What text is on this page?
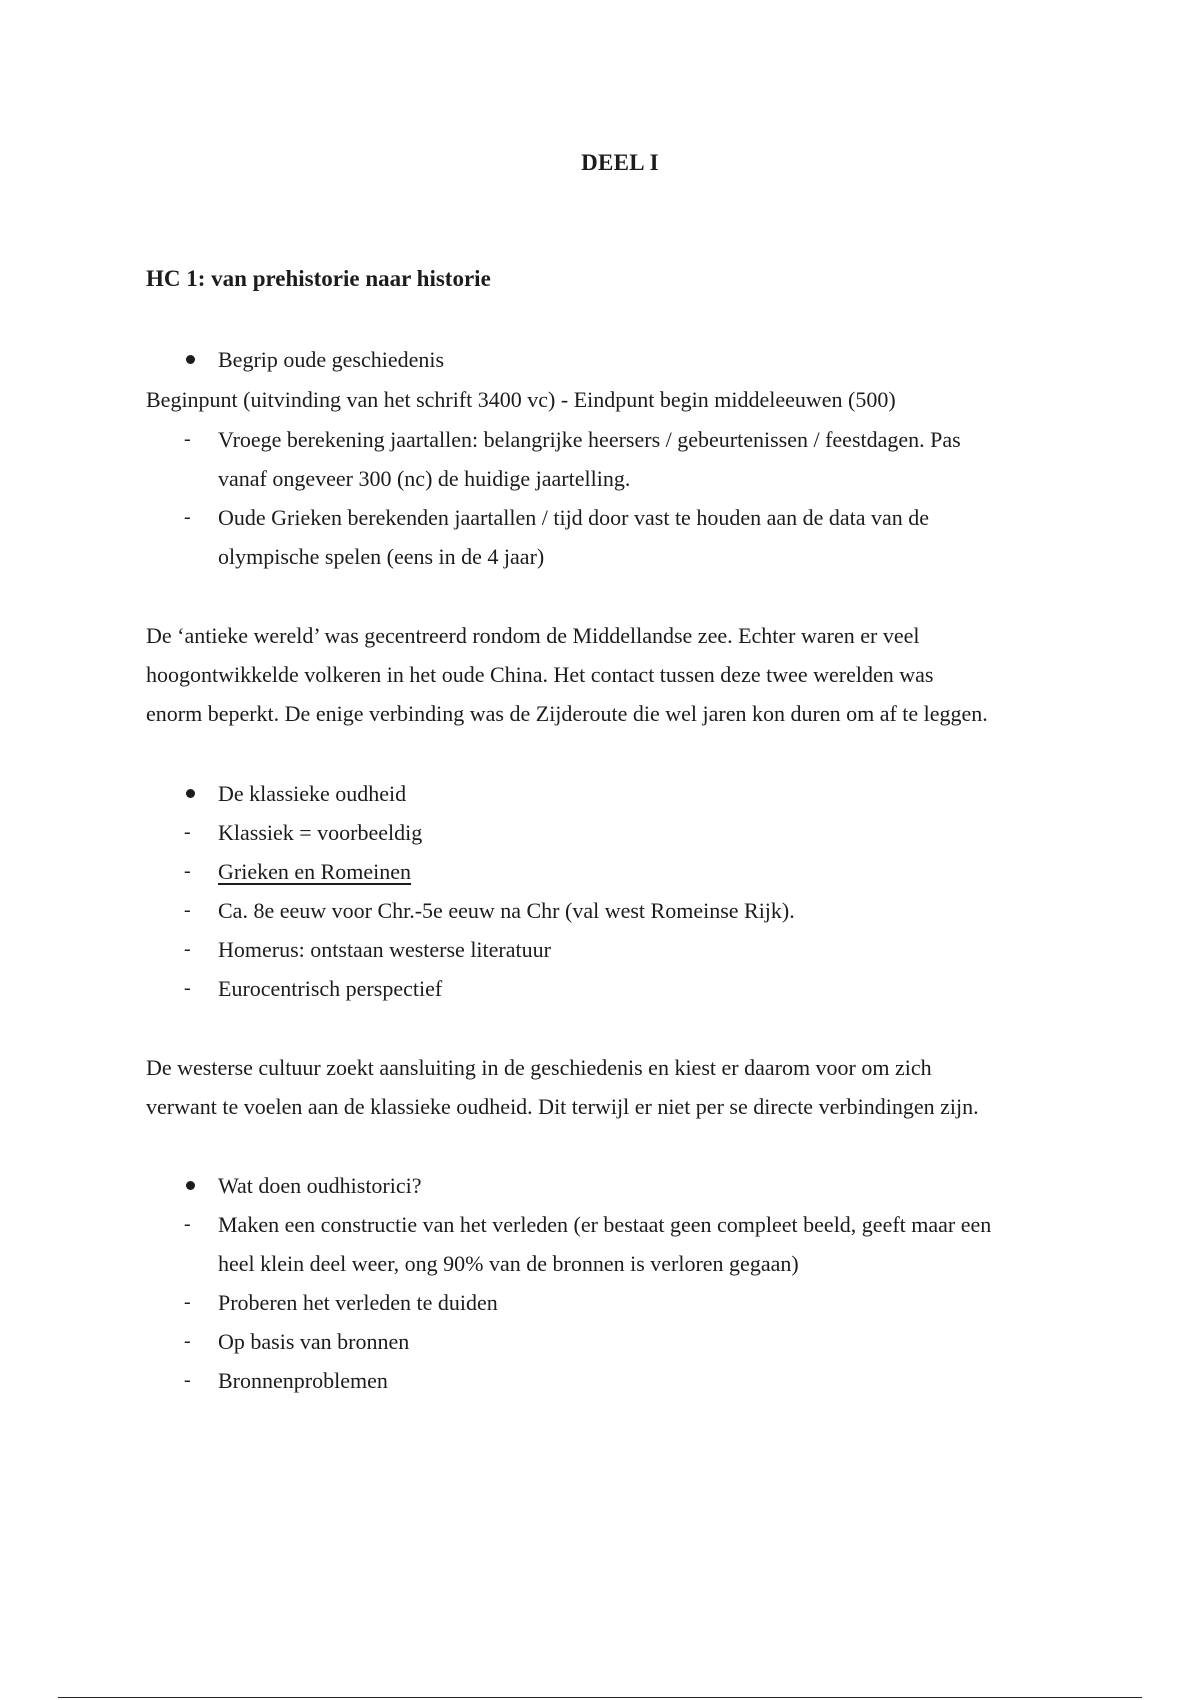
DEEL I
HC 1: van prehistorie naar historie
Begrip oude geschiedenis
Beginpunt (uitvinding van het schrift 3400 vc) - Eindpunt begin middeleeuwen (500)
- Vroege berekening jaartallen: belangrijke heersers / gebeurtenissen / feestdagen. Pas
vanaf ongeveer 300 (nc) de huidige jaartelling.
- Oude Grieken berekenden jaartallen / tijd door vast te houden aan de data van de
olympische spelen (eens in de 4 jaar)
De ‘antieke wereld’ was gecentreerd rondom de Middellandse zee. Echter waren er veel
hoogontwikkelde volkeren in het oude China. Het contact tussen deze twee werelden was
enorm beperkt. De enige verbinding was de Zijderoute die wel jaren kon duren om af te leggen.
De klassieke oudheid
- Klassiek = voorbeeldig
- Grieken en Romeinen
- Ca. 8e eeuw voor Chr.-5e eeuw na Chr (val west Romeinse Rijk).
- Homerus: ontstaan westerse literatuur
- Eurocentrisch perspectief
De westerse cultuur zoekt aansluiting in de geschiedenis en kiest er daarom voor om zich
verwant te voelen aan de klassieke oudheid. Dit terwijl er niet per se directe verbindingen zijn.
Wat doen oudhistorici?
- Maken een constructie van het verleden (er bestaat geen compleet beeld, geeft maar een
heel klein deel weer, ong 90% van de bronnen is verloren gegaan)
- Proberen het verleden te duiden
- Op basis van bronnen
- Bronnenproblemen
